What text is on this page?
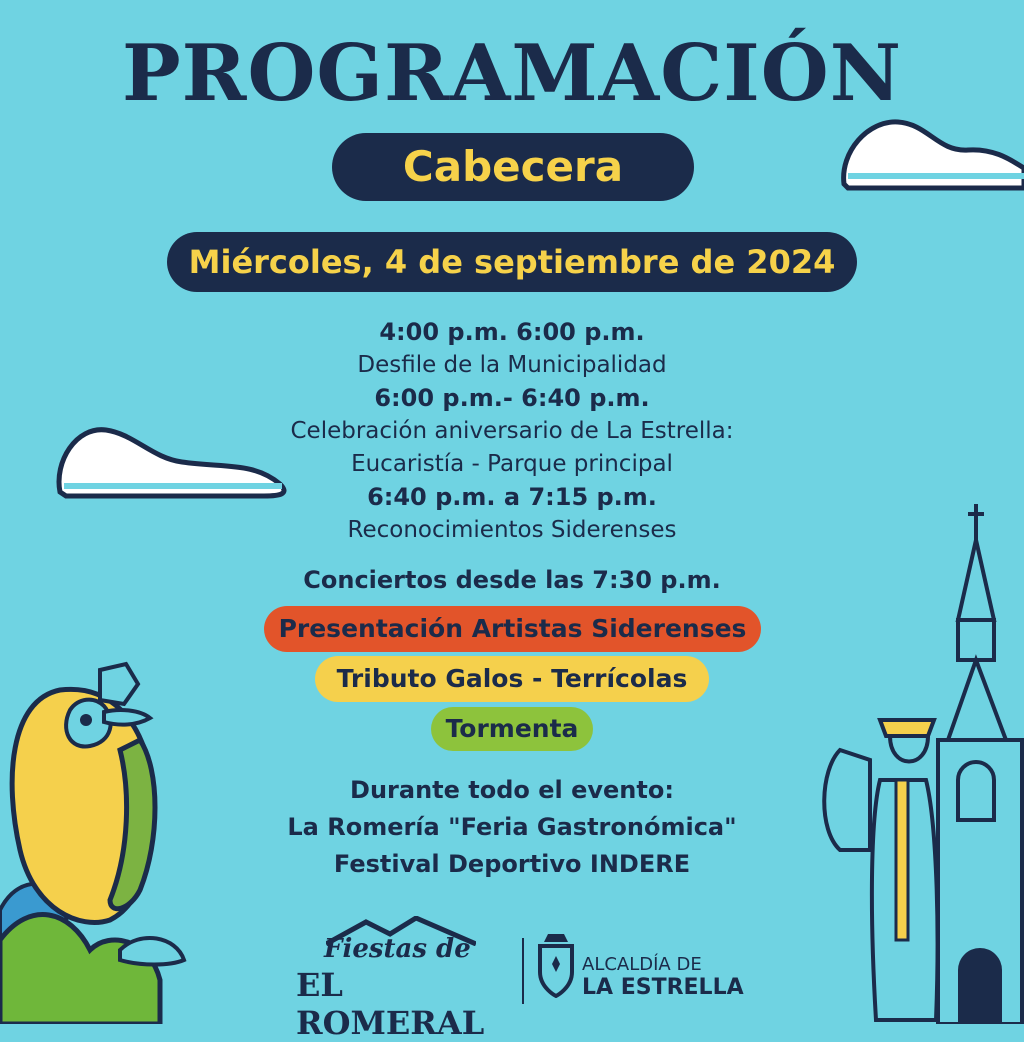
PROGRAMACIÓN
Cabecera
Miércoles, 4 de septiembre de 2024
4:00 p.m. 6:00 p.m.
Desfile de la Municipalidad
6:00 p.m.- 6:40 p.m.
Celebración aniversario de La Estrella:
Eucaristía - Parque principal
6:40 p.m. a 7:15 p.m.
Reconocimientos Siderenses
Conciertos desde las 7:30 p.m.
Presentación Artistas Siderenses
Tributo Galos - Terrícolas
Tormenta
Durante todo el evento:
La Romería "Feria Gastronómica"
Festival Deportivo INDERE
Fiestas de
EL ROMERAL
ALCALDÍA DE
LA ESTRELLA
